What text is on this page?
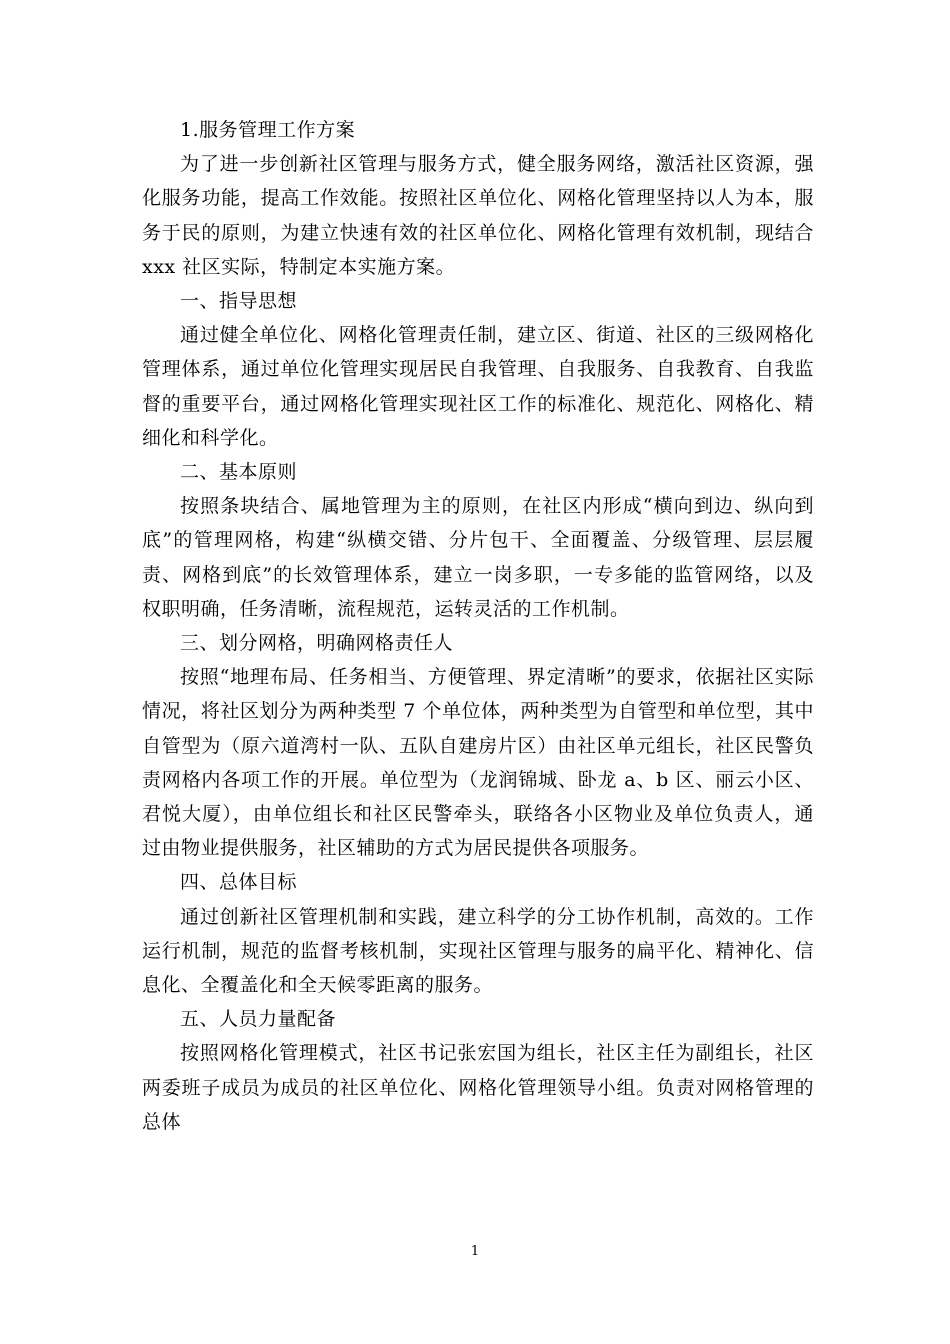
1.服务管理工作方案

为了进一步创新社区管理与服务方式，健全服务网络，激活社区资源，强化服务功能，提高工作效能。按照社区单位化、网格化管理坚持以人为本，服务于民的原则，为建立快速有效的社区单位化、网格化管理有效机制，现结合 xxx 社区实际，特制定本实施方案。

一、指导思想

通过健全单位化、网格化管理责任制，建立区、街道、社区的三级网格化管理体系，通过单位化管理实现居民自我管理、自我服务、自我教育、自我监督的重要平台，通过网格化管理实现社区工作的标准化、规范化、网格化、精细化和科学化。

二、基本原则

按照条块结合、属地管理为主的原则，在社区内形成“横向到边、纵向到底”的管理网格，构建“纵横交错、分片包干、全面覆盖、分级管理、层层履责、网格到底”的长效管理体系，建立一岗多职，一专多能的监管网络，以及权职明确，任务清晰，流程规范，运转灵活的工作机制。

三、划分网格，明确网格责任人

按照“地理布局、任务相当、方便管理、界定清晰”的要求，依据社区实际情况，将社区划分为两种类型 7 个单位体，两种类型为自管型和单位型，其中自管型为（原六道湾村一队、五队自建房片区）由社区单元组长，社区民警负责网格内各项工作的开展。单位型为（龙润锦城、卧龙 a、b 区、丽云小区、君悦大厦），由单位组长和社区民警牵头，联络各小区物业及单位负责人，通过由物业提供服务，社区辅助的方式为居民提供各项服务。

四、总体目标

通过创新社区管理机制和实践，建立科学的分工协作机制，高效的。工作运行机制，规范的监督考核机制，实现社区管理与服务的扁平化、精神化、信息化、全覆盖化和全天候零距离的服务。

五、人员力量配备

按照网格化管理模式，社区书记张宏国为组长，社区主任为副组长，社区两委班子成员为成员的社区单位化、网格化管理领导小组。负责对网格管理的总体

1
